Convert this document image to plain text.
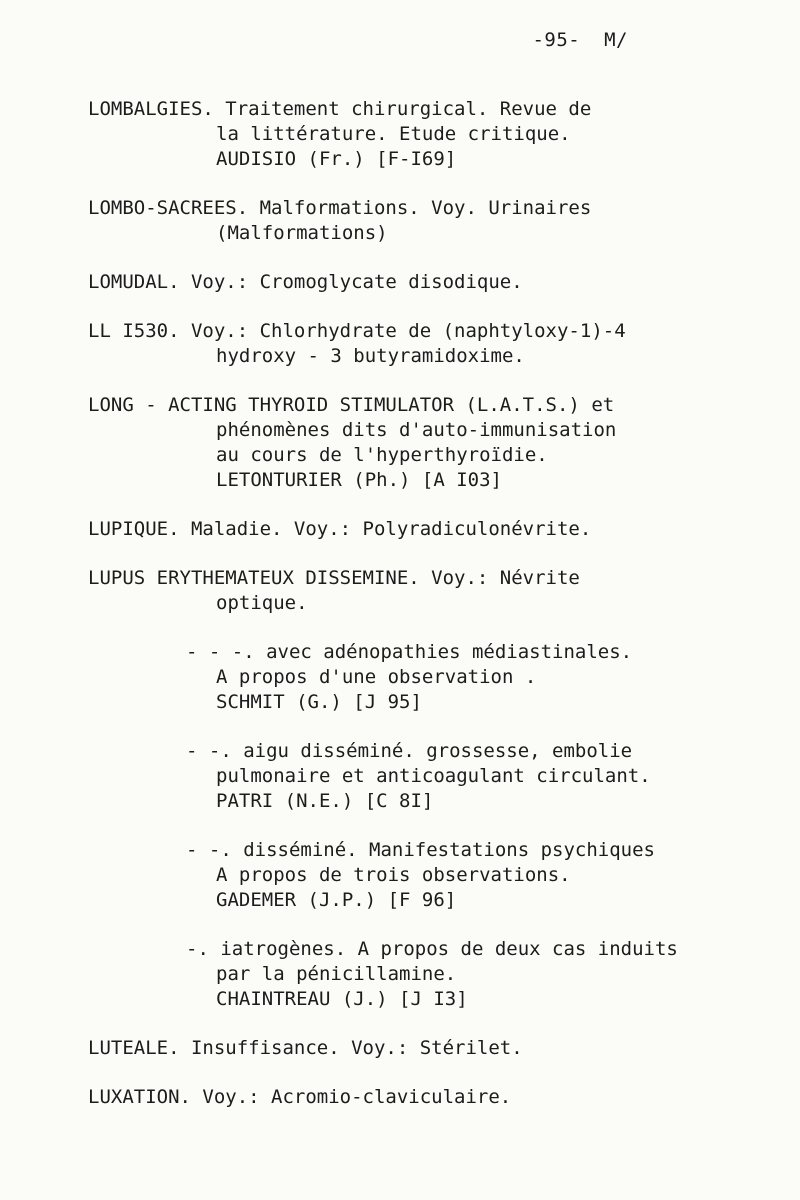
-95- M/
LOMBALGIES. Traitement chirurgical. Revue de
la littérature. Etude critique.
AUDISIO (Fr.) [F-I69]
LOMBO-SACREES. Malformations. Voy. Urinaires
(Malformations)
LOMUDAL. Voy.: Cromoglycate disodique.
LL I530. Voy.: Chlorhydrate de (naphtyloxy-1)-4
hydroxy - 3 butyramidoxime.
LONG - ACTING THYROID STIMULATOR (L.A.T.S.) et
phénomènes dits d'auto-immunisation
au cours de l'hyperthyroïdie.
LETONTURIER (Ph.) [A I03]
LUPIQUE. Maladie. Voy.: Polyradiculonévrite.
LUPUS ERYTHEMATEUX DISSEMINE. Voy.: Névrite
optique.
- - -. avec adénopathies médiastinales.
A propos d'une observation .
SCHMIT (G.) [J 95]
- -. aigu disséminé. grossesse, embolie
pulmonaire et anticoagulant circulant.
PATRI (N.E.) [C 8I]
- -. disséminé. Manifestations psychiques
A propos de trois observations.
GADEMER (J.P.) [F 96]
-. iatrogènes. A propos de deux cas induits
par la pénicillamine.
CHAINTREAU (J.) [J I3]
LUTEALE. Insuffisance. Voy.: Stérilet.
LUXATION. Voy.: Acromio-claviculaire.
